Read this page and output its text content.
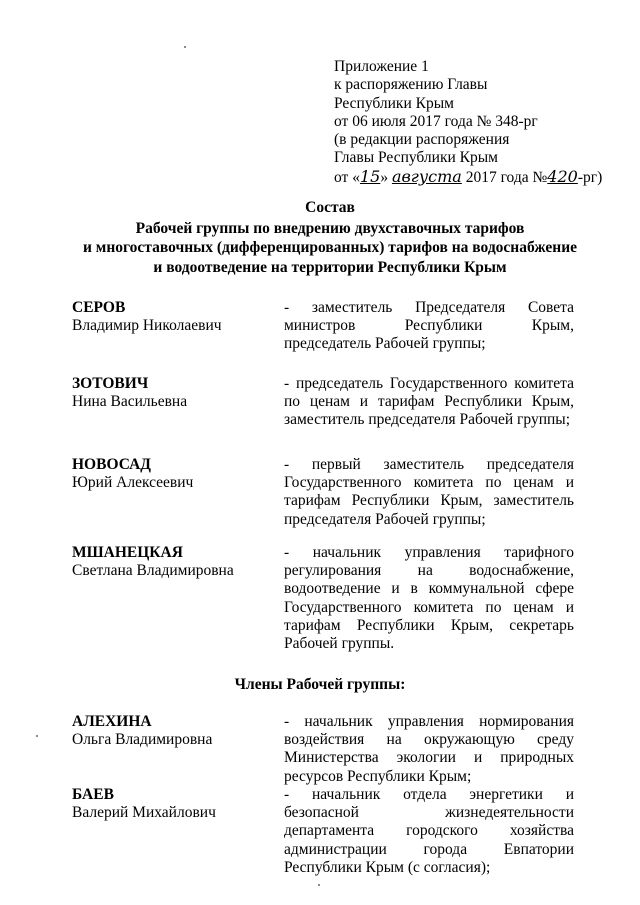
Приложение 1
к распоряжению Главы
Республики Крым
от 06 июля 2017 года № 348-рг
(в редакции распоряжения
Главы Республики Крым
от «15» августа 2017 года №420-рг)
Состав
Рабочей группы по внедрению двухставочных тарифов
и многоставочных (дифференцированных) тарифов на водоснабжение
и водоотведение на территории Республики Крым
СЕРОВ
Владимир Николаевич
- заместитель Председателя Совета министров Республики Крым, председатель Рабочей группы;
ЗОТОВИЧ
Нина Васильевна
- председатель Государственного комитета по ценам и тарифам Республики Крым, заместитель председателя Рабочей группы;
НОВОСАД
Юрий Алексеевич
- первый заместитель председателя Государственного комитета по ценам и тарифам Республики Крым, заместитель председателя Рабочей группы;
МШАНЕЦКАЯ
Светлана Владимировна
- начальник управления тарифного регулирования на водоснабжение, водоотведение и в коммунальной сфере Государственного комитета по ценам и тарифам Республики Крым, секретарь Рабочей группы.
Члены Рабочей группы:
АЛЕХИНА
Ольга Владимировна
- начальник управления нормирования воздействия на окружающую среду Министерства экологии и природных ресурсов Республики Крым;
БАЕВ
Валерий Михайлович
- начальник отдела энергетики и безопасной жизнедеятельности департамента городского хозяйства администрации города Евпатории Республики Крым (с согласия);
